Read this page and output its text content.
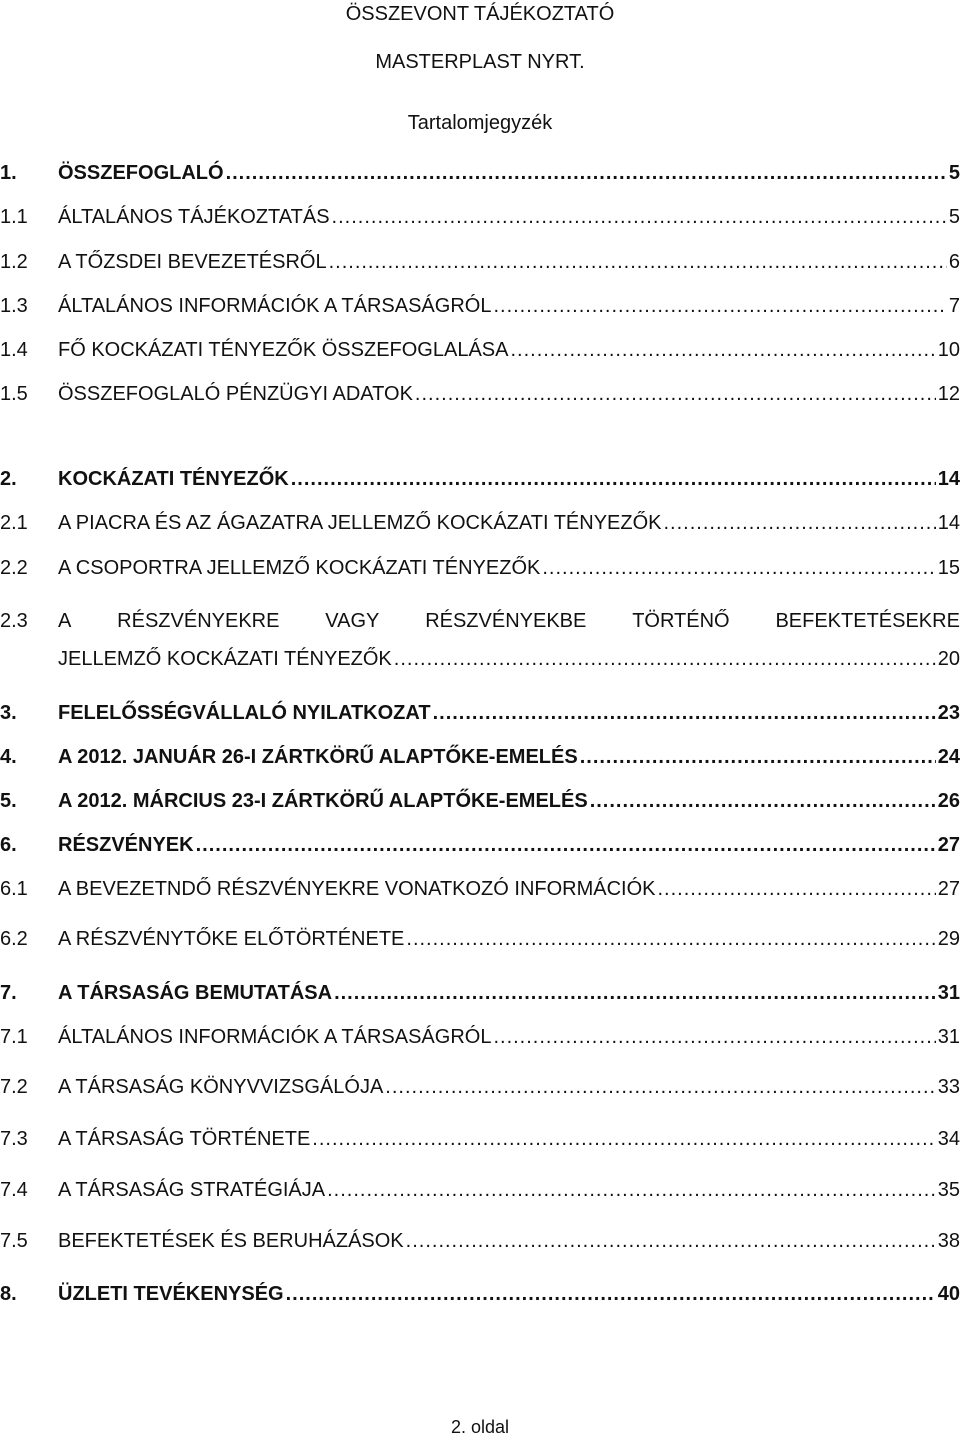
ÖSSZEVONT TÁJÉKOZTATÓ
MASTERPLAST NYRT.
Tartalomjegyzék
1. ÖSSZEFOGLALÓ .....	5
1.1 ÁLTALÁNOS TÁJÉKOZTATÁS .....	5
1.2 A TŐZSDEI BEVEZETÉSRŐL .....	6
1.3 ÁLTALÁNOS INFORMÁCIÓK A TÁRSASÁGRÓL .....	7
1.4 FŐ KOCKÁZATI TÉNYEZŐK ÖSSZEFOGLALÁSA .....	10
1.5 ÖSSZEFOGLALÓ PÉNZÜGYI ADATOK .....	12
2. KOCKÁZATI TÉNYEZŐK .....	14
2.1 A PIACRA ÉS AZ ÁGAZATRA JELLEMZŐ KOCKÁZATI TÉNYEZŐK .....	14
2.2 A CSOPORTRA JELLEMZŐ KOCKÁZATI TÉNYEZŐK .....	15
2.3 A RÉSZVÉNYEKRE VAGY RÉSZVÉNYEKBE TÖRTÉNŐ BEFEKTETÉSEKRE
JELLEMZŐ KOCKÁZATI TÉNYEZŐK .....	20
3. FELELŐSSÉGVÁLLALÓ NYILATKOZAT .....	23
4. A 2012. JANUÁR 26-I ZÁRTKÖRŰ ALAPTŐKE-EMELÉS .....	24
5. A 2012. MÁRCIUS 23-I ZÁRTKÖRŰ ALAPTŐKE-EMELÉS .....	26
6. RÉSZVÉNYEK .....	27
6.1 A BEVEZETNDŐ RÉSZVÉNYEKRE VONATKOZÓ INFORMÁCIÓK .....	27
6.2 A RÉSZVÉNYTŐKE ELŐTÖRTÉNETE .....	29
7. A TÁRSASÁG BEMUTATÁSA .....	31
7.1 ÁLTALÁNOS INFORMÁCIÓK A TÁRSASÁGRÓL .....	31
7.2 A TÁRSASÁG KÖNYVVIZSGÁLÓJA .....	33
7.3 A TÁRSASÁG TÖRTÉNETE .....	34
7.4 A TÁRSASÁG STRATÉGIÁJA .....	35
7.5 BEFEKTETÉSEK ÉS BERUHÁZÁSOK .....	38
8. ÜZLETI TEVÉKENYSÉG .....	40
2. oldal
